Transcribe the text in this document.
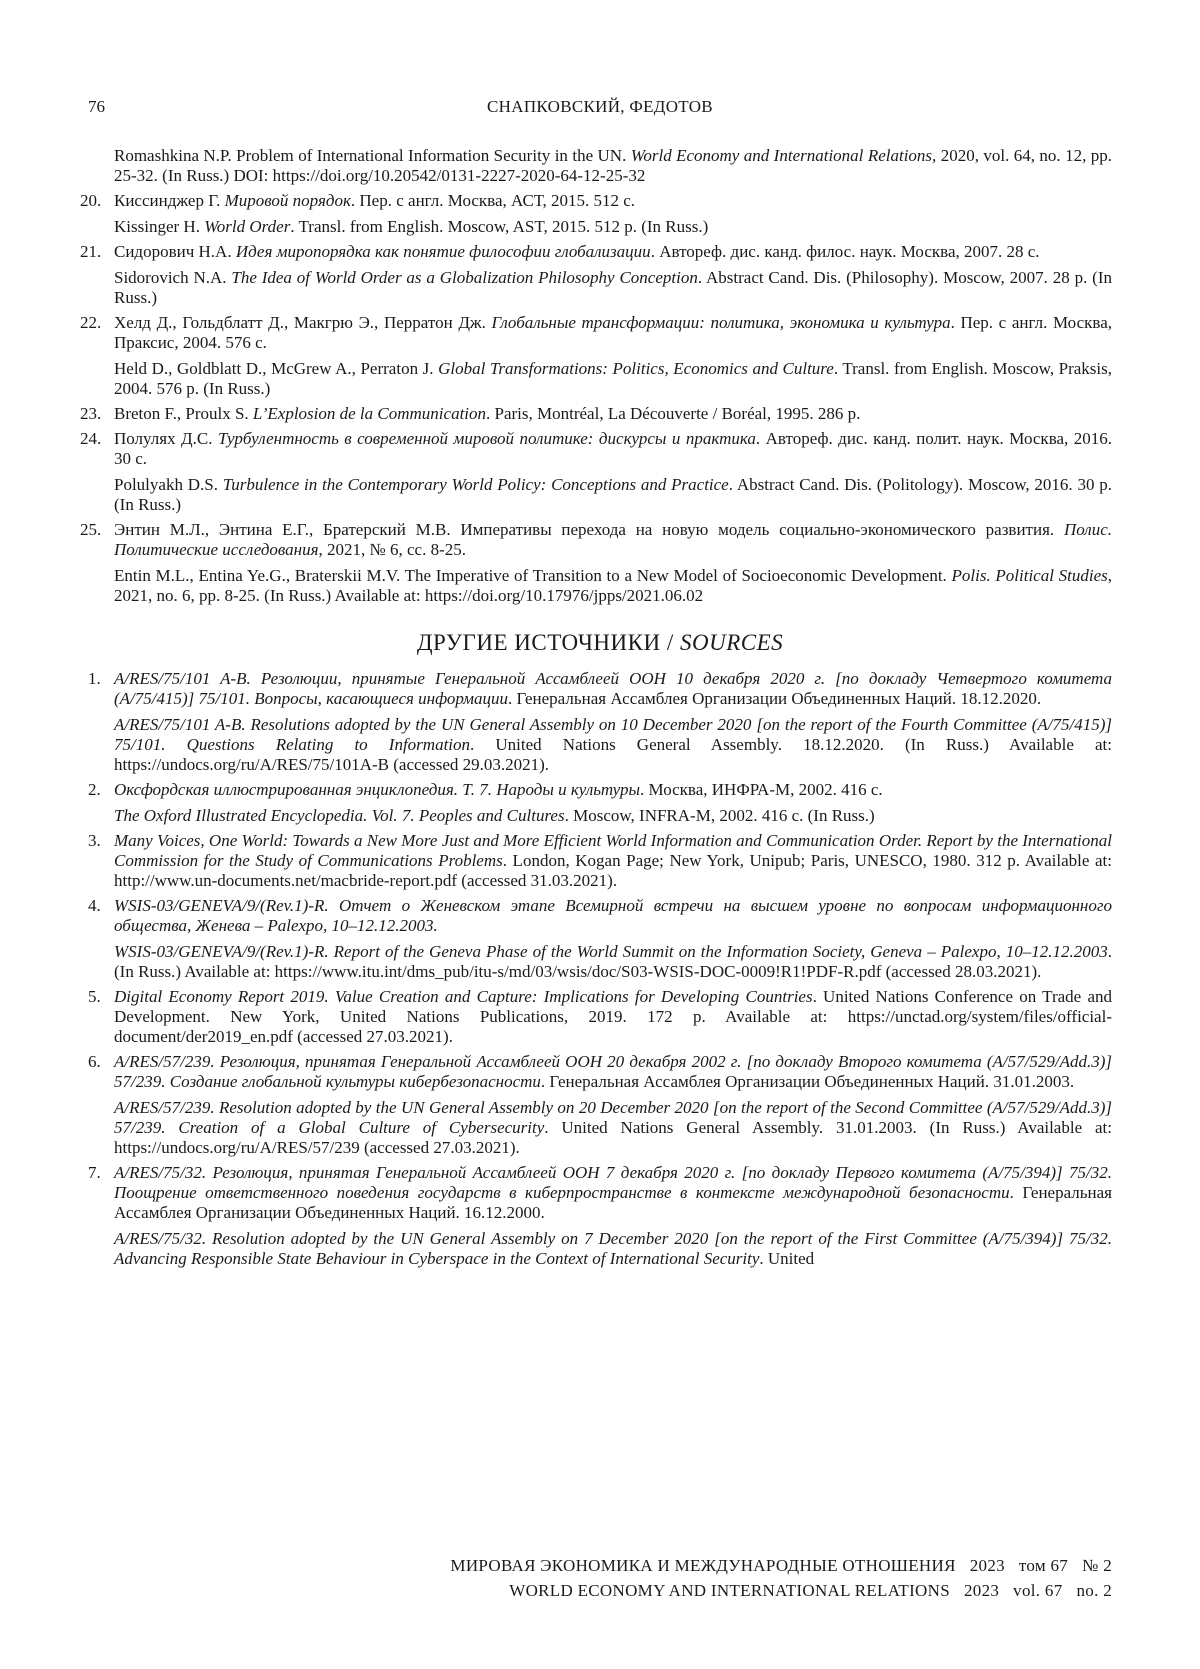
76	СНАПКОВСКИЙ, ФЕДОТОВ

Romashkina N.P. Problem of International Information Security in the UN. World Economy and International Relations, 2020, vol. 64, no. 12, pp. 25-32. (In Russ.) DOI: https://doi.org/10.20542/0131-2227-2020-64-12-25-32

20. Киссинджер Г. Мировой порядок. Пер. с англ. Москва, АСТ, 2015. 512 с.

Kissinger H. World Order. Transl. from English. Moscow, AST, 2015. 512 p. (In Russ.)

21. Сидорович Н.А. Идея миропорядка как понятие философии глобализации. Автореф. дис. канд. филос. наук. Москва, 2007. 28 с.

Sidorovich N.A. The Idea of World Order as a Globalization Philosophy Conception. Abstract Cand. Dis. (Philosophy). Moscow, 2007. 28 p. (In Russ.)

22. Хелд Д., Гольдблатт Д., Макгрю Э., Перратон Дж. Глобальные трансформации: политика, экономика и культура. Пер. с англ. Москва, Праксис, 2004. 576 с.

Held D., Goldblatt D., McGrew A., Perraton J. Global Transformations: Politics, Economics and Culture. Transl. from English. Moscow, Praksis, 2004. 576 p. (In Russ.)

23. Breton F., Proulx S. L’Explosion de la Communication. Paris, Montréal, La Découverte / Boréal, 1995. 286 p.

24. Полулях Д.С. Турбулентность в современной мировой политике: дискурсы и практика. Автореф. дис. канд. полит. наук. Москва, 2016. 30 с.

Polulyakh D.S. Turbulence in the Contemporary World Policy: Conceptions and Practice. Abstract Cand. Dis. (Politology). Moscow, 2016. 30 p. (In Russ.)

25. Энтин М.Л., Энтина Е.Г., Братерский М.В. Императивы перехода на новую модель социально-экономического развития. Полис. Политические исследования, 2021, № 6, сс. 8-25.

Entin M.L., Entina Ye.G., Braterskii M.V. The Imperative of Transition to a New Model of Socioeconomic Development. Polis. Political Studies, 2021, no. 6, pp. 8-25. (In Russ.) Available at: https://doi.org/10.17976/jpps/2021.06.02

ДРУГИЕ ИСТОЧНИКИ / SOURCES
1. A/RES/75/101 A-B. Резолюции, принятые Генеральной Ассамблеей ООН 10 декабря 2020 г. [по докладу Четвертого комитета (A/75/415)] 75/101. Вопросы, касающиеся информации. Генеральная Ассамблея Организации Объединенных Наций. 18.12.2020.

A/RES/75/101 A-B. Resolutions adopted by the UN General Assembly on 10 December 2020 [on the report of the Fourth Committee (A/75/415)] 75/101. Questions Relating to Information. United Nations General Assembly. 18.12.2020. (In Russ.) Available at: https://undocs.org/ru/A/RES/75/101A-B (accessed 29.03.2021).

2. Оксфордская иллюстрированная энциклопедия. Т. 7. Народы и культуры. Москва, ИНФРА-М, 2002. 416 с.

The Oxford Illustrated Encyclopedia. Vol. 7. Peoples and Cultures. Moscow, INFRA-M, 2002. 416 c. (In Russ.)

3. Many Voices, One World: Towards a New More Just and More Efficient World Information and Communication Order. Report by the International Commission for the Study of Communications Problems. London, Kogan Page; New York, Unipub; Paris, UNESCO, 1980. 312 p. Available at: http://www.un-documents.net/macbride-report.pdf (accessed 31.03.2021).

4. WSIS-03/GENEVA/9/(Rev.1)-R. Отчет о Женевском этапе Всемирной встречи на высшем уровне по вопросам информационного общества, Женева – Palexpo, 10–12.12.2003.

WSIS-03/GENEVA/9/(Rev.1)-R. Report of the Geneva Phase of the World Summit on the Information Society, Geneva – Palexpo, 10–12.12.2003. (In Russ.) Available at: https://www.itu.int/dms_pub/itu-s/md/03/wsis/doc/S03-WSIS-DOC-0009!R1!PDF-R.pdf (accessed 28.03.2021).

5. Digital Economy Report 2019. Value Creation and Capture: Implications for Developing Countries. United Nations Conference on Trade and Development. New York, United Nations Publications, 2019. 172 p. Available at: https://unctad.org/system/files/official-document/der2019_en.pdf (accessed 27.03.2021).

6. A/RES/57/239. Резолюция, принятая Генеральной Ассамблеей ООН 20 декабря 2002 г. [по докладу Второго комитета (A/57/529/Add.3)] 57/239. Создание глобальной культуры кибербезопасности. Генеральная Ассамблея Организации Объединенных Наций. 31.01.2003.

A/RES/57/239. Resolution adopted by the UN General Assembly on 20 December 2020 [on the report of the Second Committee (A/57/529/Add.3)] 57/239. Creation of a Global Culture of Cybersecurity. United Nations General Assembly. 31.01.2003. (In Russ.) Available at: https://undocs.org/ru/A/RES/57/239 (accessed 27.03.2021).

7. A/RES/75/32. Резолюция, принятая Генеральной Ассамблеей ООН 7 декабря 2020 г. [по докладу Первого комитета (A/75/394)] 75/32. Поощрение ответственного поведения государств в киберпространстве в контексте международной безопасности. Генеральная Ассамблея Организации Объединенных Наций. 16.12.2000.

A/RES/75/32. Resolution adopted by the UN General Assembly on 7 December 2020 [on the report of the First Committee (A/75/394)] 75/32. Advancing Responsible State Behaviour in Cyberspace in the Context of International Security. United

МИРОВАЯ ЭКОНОМИКА И МЕЖДУНАРОДНЫЕ ОТНОШЕНИЯ 2023 том 67 № 2
WORLD ECONOMY AND INTERNATIONAL RELATIONS 2023 vol. 67 no. 2
